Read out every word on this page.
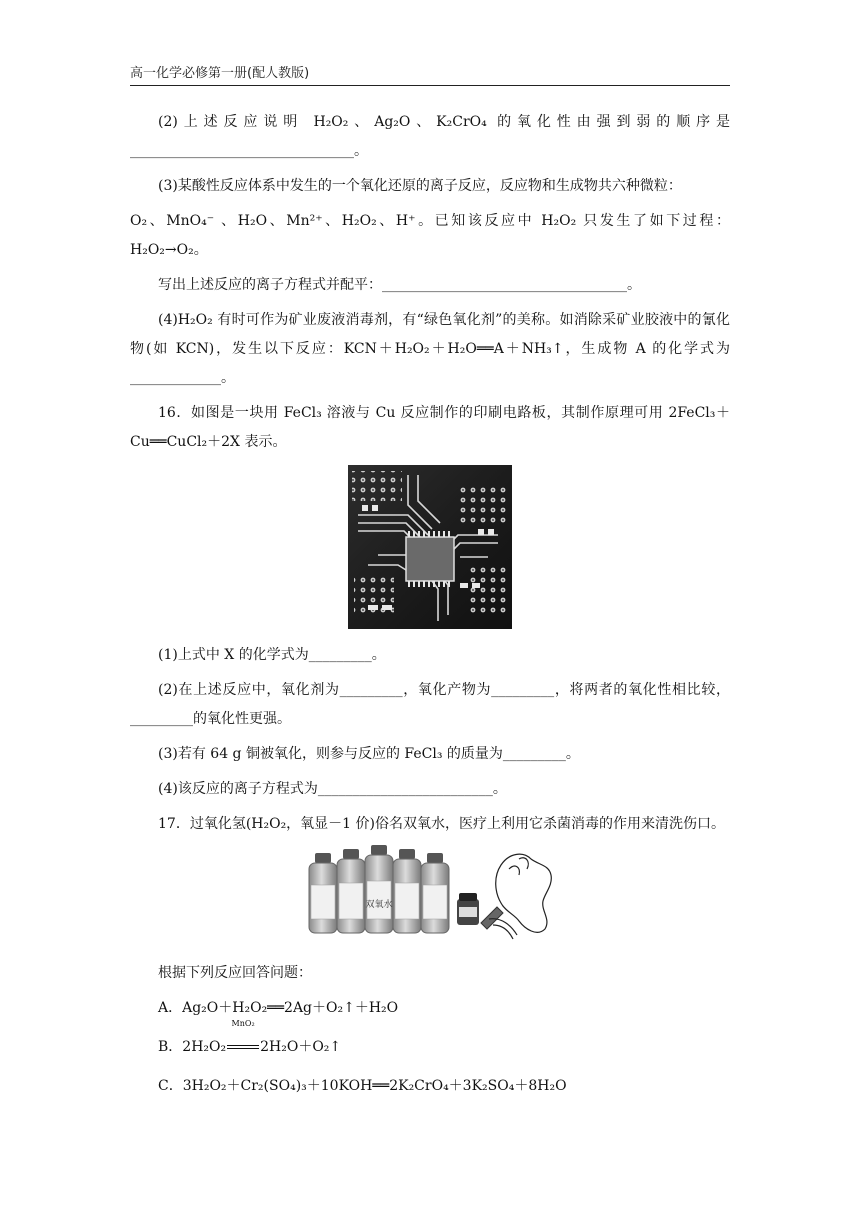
高一化学必修第一册(配人教版)

(2)上述反应说明 H₂O₂、Ag₂O、K₂CrO₄ 的氧化性由强到弱的顺序是________________________________。

(3)某酸性反应体系中发生的一个氧化还原的离子反应，反应物和生成物共六种微粒：

O₂、MnO₄⁻ 、H₂O、Mn²⁺、H₂O₂、H⁺。已知该反应中 H₂O₂ 只发生了如下过程：H₂O₂→O₂。

写出上述反应的离子方程式并配平：___________________________________。

(4)H₂O₂ 有时可作为矿业废液消毒剂，有“绿色氧化剂”的美称。如消除采矿业胶液中的氰化物(如 KCN)，发生以下反应：KCN＋H₂O₂＋H₂O══A＋NH₃↑，生成物 A 的化学式为_____________。

16．如图是一块用 FeCl₃ 溶液与 Cu 反应制作的印刷电路板，其制作原理可用 2FeCl₃＋Cu══CuCl₂＋2X 表示。

(1)上式中 X 的化学式为_________。

(2)在上述反应中，氧化剂为_________，氧化产物为_________，将两者的氧化性相比较，_________的氧化性更强。

(3)若有 64 g 铜被氧化，则参与反应的 FeCl₃ 的质量为_________。

(4)该反应的离子方程式为_________________________。

17．过氧化氢(H₂O₂，氧显－1 价)俗名双氧水，医疗上利用它杀菌消毒的作用来清洗伤口。

双氧水

根据下列反应回答问题：

A．Ag₂O＋H₂O₂══2Ag＋O₂↑＋H₂O

B．2H₂O₂
MnO₂
2H₂O＋O₂↑

C．3H₂O₂＋Cr₂(SO₄)₃＋10KOH══2K₂CrO₄＋3K₂SO₄＋8H₂O
